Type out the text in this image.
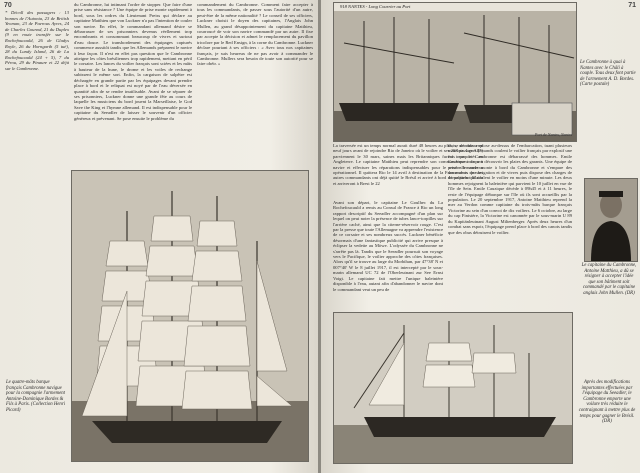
70
* Décoll des passagers : 13 bonnes de l'Autonia, 23 de British Yeoman, 23 de Paerous Ayres, 24 de Charles Gounod, 21 du Duplex (9 en route transfér sur le Rochefoucauld, 26 de Gladys Royle, 26 du Horngarth (5 tué), 28 du Lundy Island, 26 de La Rochefoucauld (24 + 5), 7 du Pérou, 29 du Pinaure et 22 déjà sur le Cambronne.
du Cambronne, lui intimant l'ordre de stopper. Que faire d'une prise sans résistance ? Une équipe de prise monte rapidement à bord, sous les ordres du Lieutenant Preiss qui déclare au capitaine Matthieu que von Luckner n'a pas l'intention de couler son navire. En effet, le commandant allemand désire se débarrasser de ses prisonniers devenus réellement trop encombrants et consommant beaucoup de vivres et surtout d'eau douce. Le transbordement des équipages capturés commence aussitôt tandis que les Allemands préparent le navire à leur façon. Il n'est en effet pas question que le Cambronne atteigne les côtes brésiliennes trop rapidement, mettant en péril le corsaire. Les lances du voilier français sont sciées et les mâts à hauteur de la hune, le drome et les voiles de rechange subissent le même sort. Enfin, la cargaison de salpêtre est déchargée en grande partie par les équipages devant prendre place à bord et le reliquat est noyé par de l'eau déversée en quantité afin de se rendre inutilisable. Avant de se séparer de ses prisonniers, Luckner donne une grande fête au cours de laquelle les musiciens du bord jouent la Marseillaise, le God Save the King et l'hymne allemand. Il est indispensable pour le capitaine du Seeadler de laisser le souvenir d'un officier généreux et prévenant. Se pose ensuite le problème du
commandement du Cambronne. Comment faire accepter à tous les commandants, de passer sous l'autorité d'un autre, peut-être de la même nationalité ? Le conseil de ses officiers, Luckner choisit le doyen des capitaines, l'Anglais John Mullen, au grand désappointement du capitaine Matthieu, courroucé de voir son navire commandé par un autre. Il fixe par accepte la décision et admet le remplacement du pavillon tricolore par le Red Ensign, à la corne du Cambronne. Luckner déclare pourtant à ses officiers : « Avec tous nos capitaines français, je suis heureux de ne pas avoir à commander le Cambronne. Mullers sera besoin de toute son autorité pour se faire obéir. »
Le quatre-mâts barque français Cambronne navigue pour la compagnie l'armement Antoine-Dominique Bordes & Fils à Paris. (Collection Henri Picard)
71
918 NANTES - Long Courrier au Port
Port de Nantes, Nantes
Le Cambronne à quai à Nantes avec le Châli à couple. Tous deux font partie de l'armement A. D. Bordes. (Carte postale)
La traversée est un temps normal aurait duré 48 heures au plus, se déroulera en neuf jours avant de rejoindre Rio de Janeiro où le voilier et ses 263 passagers (7) parviennent le 30 mars, saines mais les Britanniques furent transportés en Angleterre. Le capitaine Matthieu peut reprendre son commandement de son navire et effectuer les réparations indispensables pour le rendre à nouveau opérationnel. Il quittera Rio le 14 avril à destination de la France alors que les autres commandants ont déjà quitté le Brésil et arrivé à bord du paquebot Maifa et arriveront à Brest le 22
Avant son départ, le capitaine Le Goulhec du La Rochefoucauld a remis au Consul de France à Rio un long rapport descriptif du Seeadler accompagné d'un plan sur lequel on peut noter la présence de tubes lance-torpilles sur l'arrière caché, ainsi que la citerne-réservoir rouge. C'est par la presse que toute l'Allemagne va apprendre l'existence de ce corsaire et ses nombreux succès. Luckner bénéficie désormais d'une fantastique publicité qui arrive presque à éclipser la vedette au Möwe. L'odyssée du Cambronne ne s'arrête pas là. Tandis que le Seeadler poursuit son voyage vers le Pacifique, le voilier approche des côtes françaises. Alors qu'il se trouve au large du Morbihan, par 47°38' N et 007°40' W le 8 juillet 1917, il est intercepté par le sous-marin allemand UC 72 de l'Oberleutnant zur See Ernst Voigt. Le capitaine fait mettre l'unique baleinière disponible à l'eau, autant afin d'abandonner le navire dont le commandant veut un peu de
flots, un obus explose au-dessus de l'embarcation, tuant plusieurs matelots. Les Allemands coulent le voilier français par explosif une fois que le Cambronne est débarrassé des hommes. Emile Cauzique occupe à découvrir les plaies des garants. Une équipe de prise allemande monte à bord du Cambronne et s'empare des documents de navigation et de vivres puis dispose des charges de démolition qui coulent le voilier en moins d'une minute. Les deux hommes rejoignent la baleinière qui parvient le 10 juillet en vue de l'île de Sein. Emile Cauzique décède à 09h45 et à 11 heures, le reste de l'équipage débarque sur l'île où ils sont accueillis par la population. Le 20 septembre 1917, Antoine Matthieu reprend la mer au Verdon comme capitaine du trois-mâts barque français Victorine au sein d'un convoi de dix voiliers. Le 6 octobre, au large du cap Finistère, la Victorine est canonnée par le sous-marin U 89 du Kapitänleutnant August Miltenberger. Après deux heures d'un combat sans espoir, l'équipage prend place à bord des canots tandis que des obus détruisent le voilier.
Le capitaine du Cambronne, Antoine Matthieu, a dû se résigner à accepter l'idée que son bâtiment soit commandé par le capitaine anglais John Mullen. (DR)
Après des modifications importantes effectuées par l'équipage du Seeadler, le Cambronne emporte une voilure très réduite le contraignant à mettre plus de temps pour gagner le Brésil. (DR)
